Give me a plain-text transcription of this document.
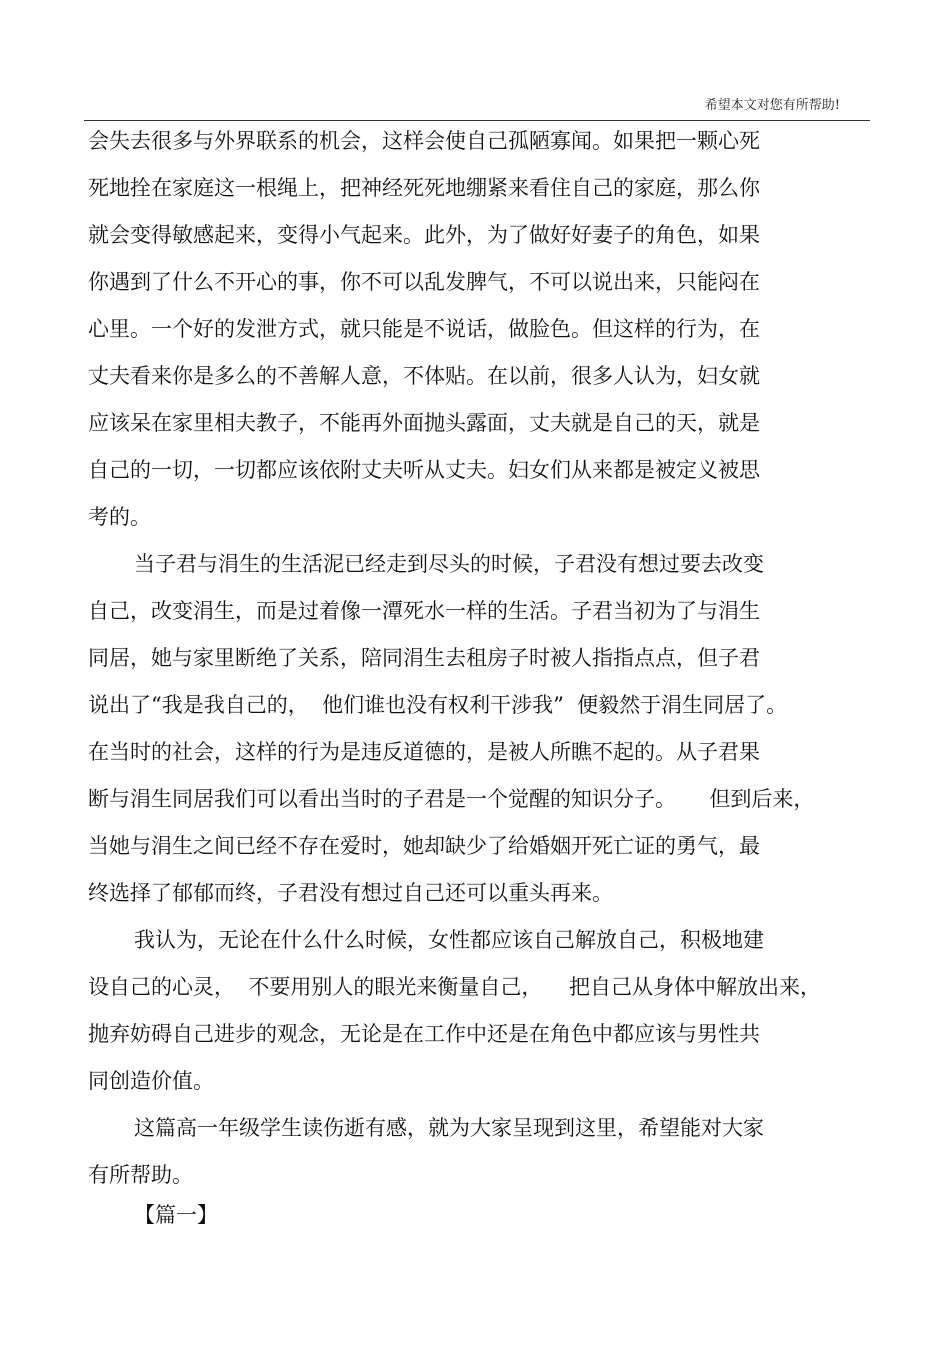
希望本文对您有所帮助!
会失去很多与外界联系的机会，这样会使自己孤陋寡闻。如果把一颗心死
死地拴在家庭这一根绳上，把神经死死地绷紧来看住自己的家庭，那么你
就会变得敏感起来，变得小气起来。此外，为了做好好妻子的角色，如果
你遇到了什么不开心的事，你不可以乱发脾气，不可以说出来，只能闷在
心里。一个好的发泄方式，就只能是不说话，做脸色。但这样的行为，在
丈夫看来你是多么的不善解人意，不体贴。在以前，很多人认为，妇女就
应该呆在家里相夫教子，不能再外面抛头露面，丈夫就是自己的天，就是
自己的一切，一切都应该依附丈夫听从丈夫。妇女们从来都是被定义被思
考的。
当子君与涓生的生活泥已经走到尽头的时候，子君没有想过要去改变
自己，改变涓生，而是过着像一潭死水一样的生活。子君当初为了与涓生
同居，她与家里断绝了关系，陪同涓生去租房子时被人指指点点，但子君
说出了“我是我自己的，  他们谁也没有权利干涉我”  便毅然于涓生同居了。
在当时的社会，这样的行为是违反道德的，是被人所瞧不起的。从子君果
断与涓生同居我们可以看出当时的子君是一个觉醒的知识分子。     但到后来，
当她与涓生之间已经不存在爱时，她却缺少了给婚姻开死亡证的勇气，最
终选择了郁郁而终，子君没有想过自己还可以重头再来。
我认为，无论在什么什么时候，女性都应该自己解放自己，积极地建
设自己的心灵，  不要用别人的眼光来衡量自己，    把自己从身体中解放出来，
抛弃妨碍自己进步的观念，无论是在工作中还是在角色中都应该与男性共
同创造价值。
这篇高一年级学生读伤逝有感，就为大家呈现到这里，希望能对大家
有所帮助。
【篇一】
